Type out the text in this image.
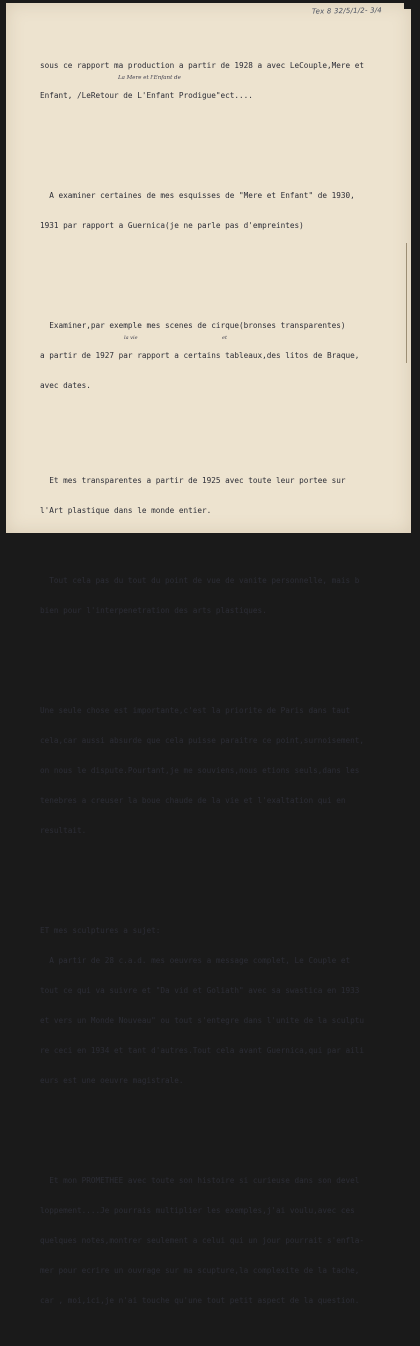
Tex 8 32/5/1/2- 3/4
La Mere et l'Enfant de
la vie	et

sous ce rapport ma production a partir de 1928 a avec LeCouple,Mere et

Enfant, /LeRetour de L'Enfant Prodigue"ect....

A examiner certaines de mes esquisses de "Mere et Enfant" de 1930,

1931 par rapport a Guernica(je ne parle pas d'empreintes)

Examiner,par exemple mes scenes de cirque(bronses transparentes)

a partir de 1927 par rapport a certains tableaux,des litos de Braque,

avec dates.

Et mes transparentes a partir de 1925 avec toute leur portee sur

l'Art plastique dans le monde entier.

Tout cela pas du tout du point de vue de vanite personnelle, mais b

bien pour l'interpenetration des arts plastiques.

Une seule chose est importante,c'est la priorite de Paris dans taut

cela,car aussi absurde que cela puisse paraitre ce point,surnoisement,

on nous le dispute.Pourtant,je me souviens,nous etions seuls,dans les

tenebres a creuser la boue chaude de la vie et l'exaltation qui en

resultait.

ET mes sculptures a sujet:

A partir de 28 c.a.d. mes oeuvres a message complet, Le Couple et

tout ce qui va suivre et "Da vid et Goliath" avec sa swastica en 1933

et vers un Monde Nouveau" ou tout s'entegre dans l'unite de la sculptu

re ceci en 1934 et tant d'autres.Tout cela avant Guernica,qui par aili

eurs est une oeuvre magistrale.

Et mon PROMETHEE avec toute son histoire si curieuse dans son devel

loppement....Je pourrais multiplier les exemples,j'ai voulu,avec ces

quelques notes,montrer seulement a celui qui un jour pourrait s'enfla-

mer pour ecrire un ouvrage sur ma scupture,la complexite de la tache,

car , moi,ici,je n'ai touche qu'une tout petit aspect de la question.
